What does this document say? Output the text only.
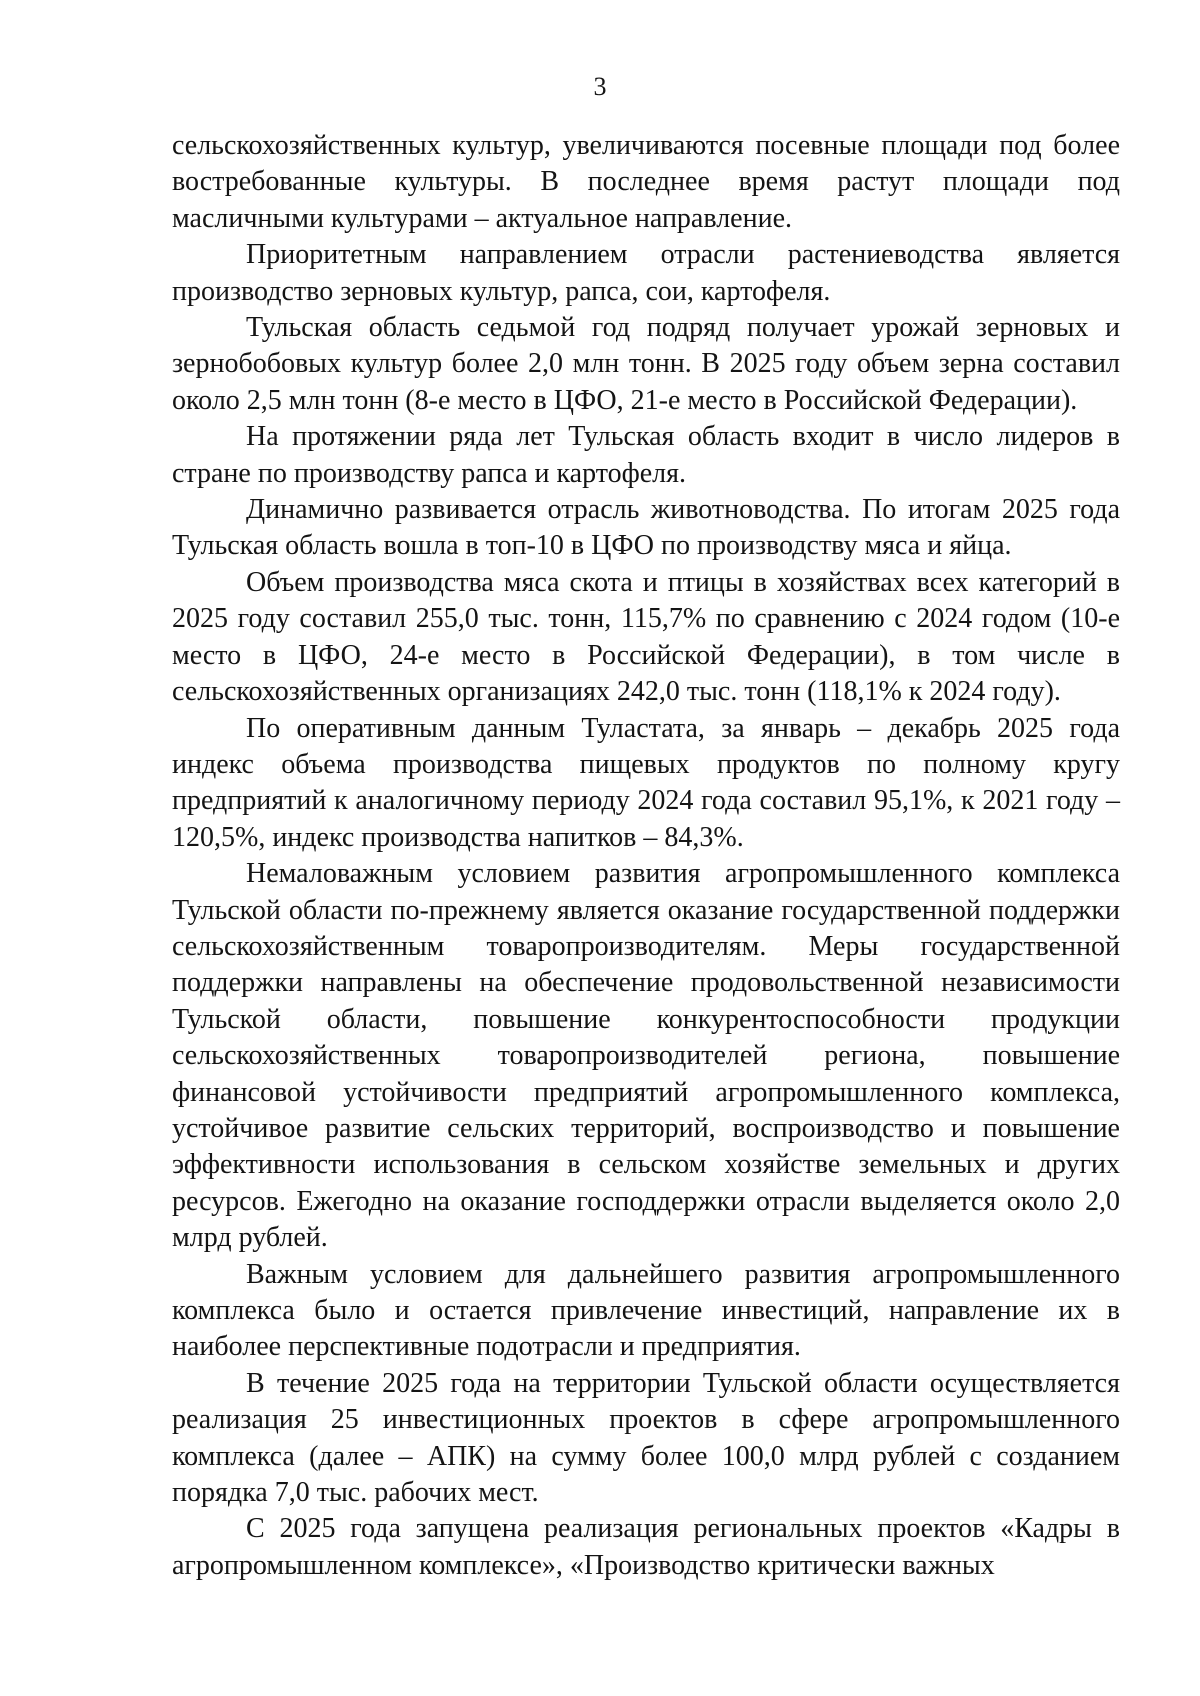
3

сельскохозяйственных культур, увеличиваются посевные площади под более востребованные культуры. В последнее время растут площади под масличными культурами – актуальное направление.

Приоритетным направлением отрасли растениеводства является производство зерновых культур, рапса, сои, картофеля.

Тульская область седьмой год подряд получает урожай зерновых и зернобобовых культур более 2,0 млн тонн. В 2025 году объем зерна составил около 2,5 млн тонн (8-е место в ЦФО, 21-е место в Российской Федерации).

На протяжении ряда лет Тульская область входит в число лидеров в стране по производству рапса и картофеля.

Динамично развивается отрасль животноводства. По итогам 2025 года Тульская область вошла в топ-10 в ЦФО по производству мяса и яйца.

Объем производства мяса скота и птицы в хозяйствах всех категорий в 2025 году составил 255,0 тыс. тонн, 115,7% по сравнению с 2024 годом (10-е место в ЦФО, 24-е место в Российской Федерации), в том числе в сельскохозяйственных организациях 242,0 тыс. тонн (118,1% к 2024 году).

По оперативным данным Туластата, за январь – декабрь 2025 года индекс объема производства пищевых продуктов по полному кругу предприятий к аналогичному периоду 2024 года составил 95,1%, к 2021 году – 120,5%, индекс производства напитков – 84,3%.

Немаловажным условием развития агропромышленного комплекса Тульской области по-прежнему является оказание государственной поддержки сельскохозяйственным товаропроизводителям. Меры государственной поддержки направлены на обеспечение продовольственной независимости Тульской области, повышение конкурентоспособности продукции сельскохозяйственных товаропроизводителей региона, повышение финансовой устойчивости предприятий агропромышленного комплекса, устойчивое развитие сельских территорий, воспроизводство и повышение эффективности использования в сельском хозяйстве земельных и других ресурсов. Ежегодно на оказание господдержки отрасли выделяется около 2,0 млрд рублей.

Важным условием для дальнейшего развития агропромышленного комплекса было и остается привлечение инвестиций, направление их в наиболее перспективные подотрасли и предприятия.

В течение 2025 года на территории Тульской области осуществляется реализация 25 инвестиционных проектов в сфере агропромышленного комплекса (далее – АПК) на сумму более 100,0 млрд рублей с созданием порядка 7,0 тыс. рабочих мест.

С 2025 года запущена реализация региональных проектов «Кадры в агропромышленном комплексе», «Производство критически важных
